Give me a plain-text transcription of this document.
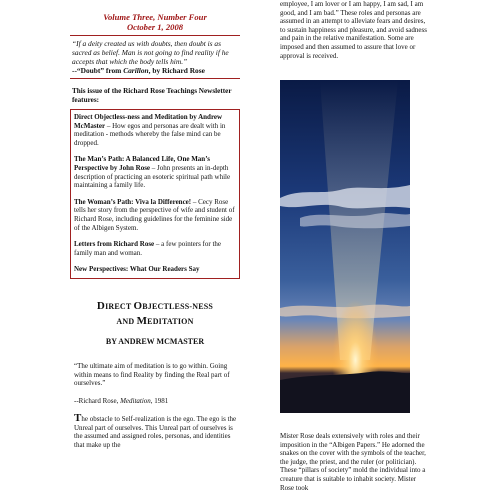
Volume Three, Number Four
October 1, 2008
“If a deity created us with doubts, then doubt is as sacred as belief. Man is not going to find reality if he accepts that which the body tells him.”
--“Doubt” from Carillon, by Richard Rose
This issue of the Richard Rose Teachings Newsletter features:

Direct Objectless-ness and Meditation by Andrew McMaster – How egos and personas are dealt with in meditation - methods whereby the false mind can be dropped.

The Man’s Path: A Balanced Life, One Man’s Perspective by John Rose – John presents an in-depth description of practicing an esoteric spiritual path while maintaining a family life.

The Woman’s Path: Viva la Difference! – Cecy Rose tells her story from the perspective of wife and student of Richard Rose, including guidelines for the feminine side of the Albigen System.

Letters from Richard Rose – a few pointers for the family man and woman.

New Perspectives: What Our Readers Say

DIRECT OBJECTLESS-NESS
AND MEDITATION
BY ANDREW MCMASTER
“The ultimate aim of meditation is to go within. Going within means to find Reality by finding the Real part of ourselves.”
--Richard Rose, Meditation, 1981
The obstacle to Self-realization is the ego. The ego is the Unreal part of ourselves. This Unreal part of ourselves is the assumed and assigned roles, personas, and identities that make up the
employee, I am lover or I am happy, I am sad, I am good, and I am bad.” These roles and personas are assumed in an attempt to alleviate fears and desires, to sustain happiness and pleasure, and avoid sadness and pain in the relative manifestation. Some are imposed and then assumed to assure that love or approval is received.
Mister Rose deals extensively with roles and their imposition in the “Albigen Papers.” He adorned the snakes on the cover with the symbols of the teacher, the judge, the priest, and the ruler (or politician). These “pillars of society” mold the individual into a creature that is suitable to inhabit society. Mister Rose took
